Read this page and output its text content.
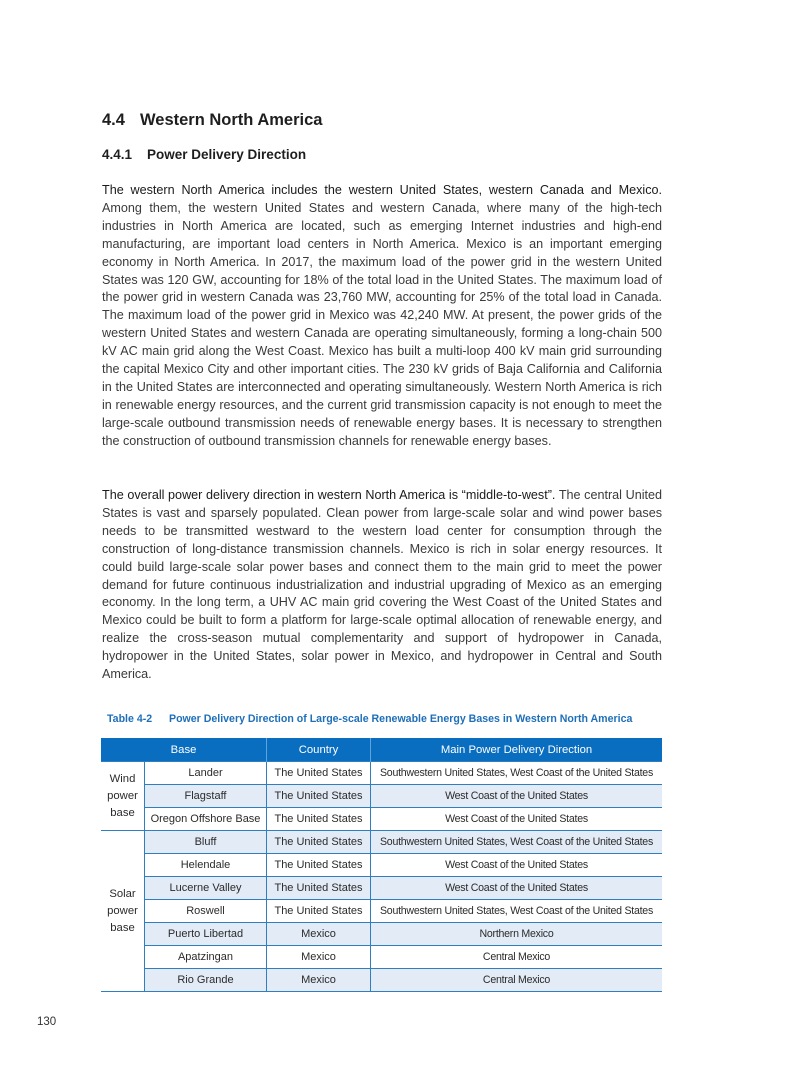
4.4 Western North America
4.4.1 Power Delivery Direction

The western North America includes the western United States, western Canada and Mexico. Among them, the western United States and western Canada, where many of the high-tech industries in North America are located, such as emerging Internet industries and high-end manufacturing, are important load centers in North America. Mexico is an important emerging economy in North America. In 2017, the maximum load of the power grid in the western United States was 120 GW, accounting for 18% of the total load in the United States. The maximum load of the power grid in western Canada was 23,760 MW, accounting for 25% of the total load in Canada. The maximum load of the power grid in Mexico was 42,240 MW. At present, the power grids of the western United States and western Canada are operating simultaneously, forming a long-chain 500 kV AC main grid along the West Coast. Mexico has built a multi-loop 400 kV main grid surrounding the capital Mexico City and other important cities. The 230 kV grids of Baja California and California in the United States are interconnected and operating simultaneously. Western North America is rich in renewable energy resources, and the current grid transmission capacity is not enough to meet the large-scale outbound transmission needs of renewable energy bases. It is necessary to strengthen the construction of outbound transmission channels for renewable energy bases.

The overall power delivery direction in western North America is “middle-to-west”. The central United States is vast and sparsely populated. Clean power from large-scale solar and wind power bases needs to be transmitted westward to the western load center for consumption through the construction of long-distance transmission channels. Mexico is rich in solar energy resources. It could build large-scale solar power bases and connect them to the main grid to meet the power demand for future continuous industrialization and industrial upgrading of Mexico as an emerging economy. In the long term, a UHV AC main grid covering the West Coast of the United States and Mexico could be built to form a platform for large-scale optimal allocation of renewable energy, and realize the cross-season mutual complementarity and support of hydropower in Canada, hydropower in the United States, solar power in Mexico, and hydropower in Central and South America.

Table 4-2 Power Delivery Direction of Large-scale Renewable Energy Bases in Western North America
Base		Country	Main Power Delivery Direction
Wind
power
base	Lander	The United States	Southwestern United States, West Coast of the United States
	Flagstaff	The United States	West Coast of the United States
	Oregon Offshore Base	The United States	West Coast of the United States
Solar
power
base	Bluff	The United States	Southwestern United States, West Coast of the United States
	Helendale	The United States	West Coast of the United States
	Lucerne Valley	The United States	West Coast of the United States
	Roswell	The United States	Southwestern United States, West Coast of the United States
	Puerto Libertad	Mexico	Northern Mexico
	Apatzingan	Mexico	Central Mexico
	Rio Grande	Mexico	Central Mexico
130
